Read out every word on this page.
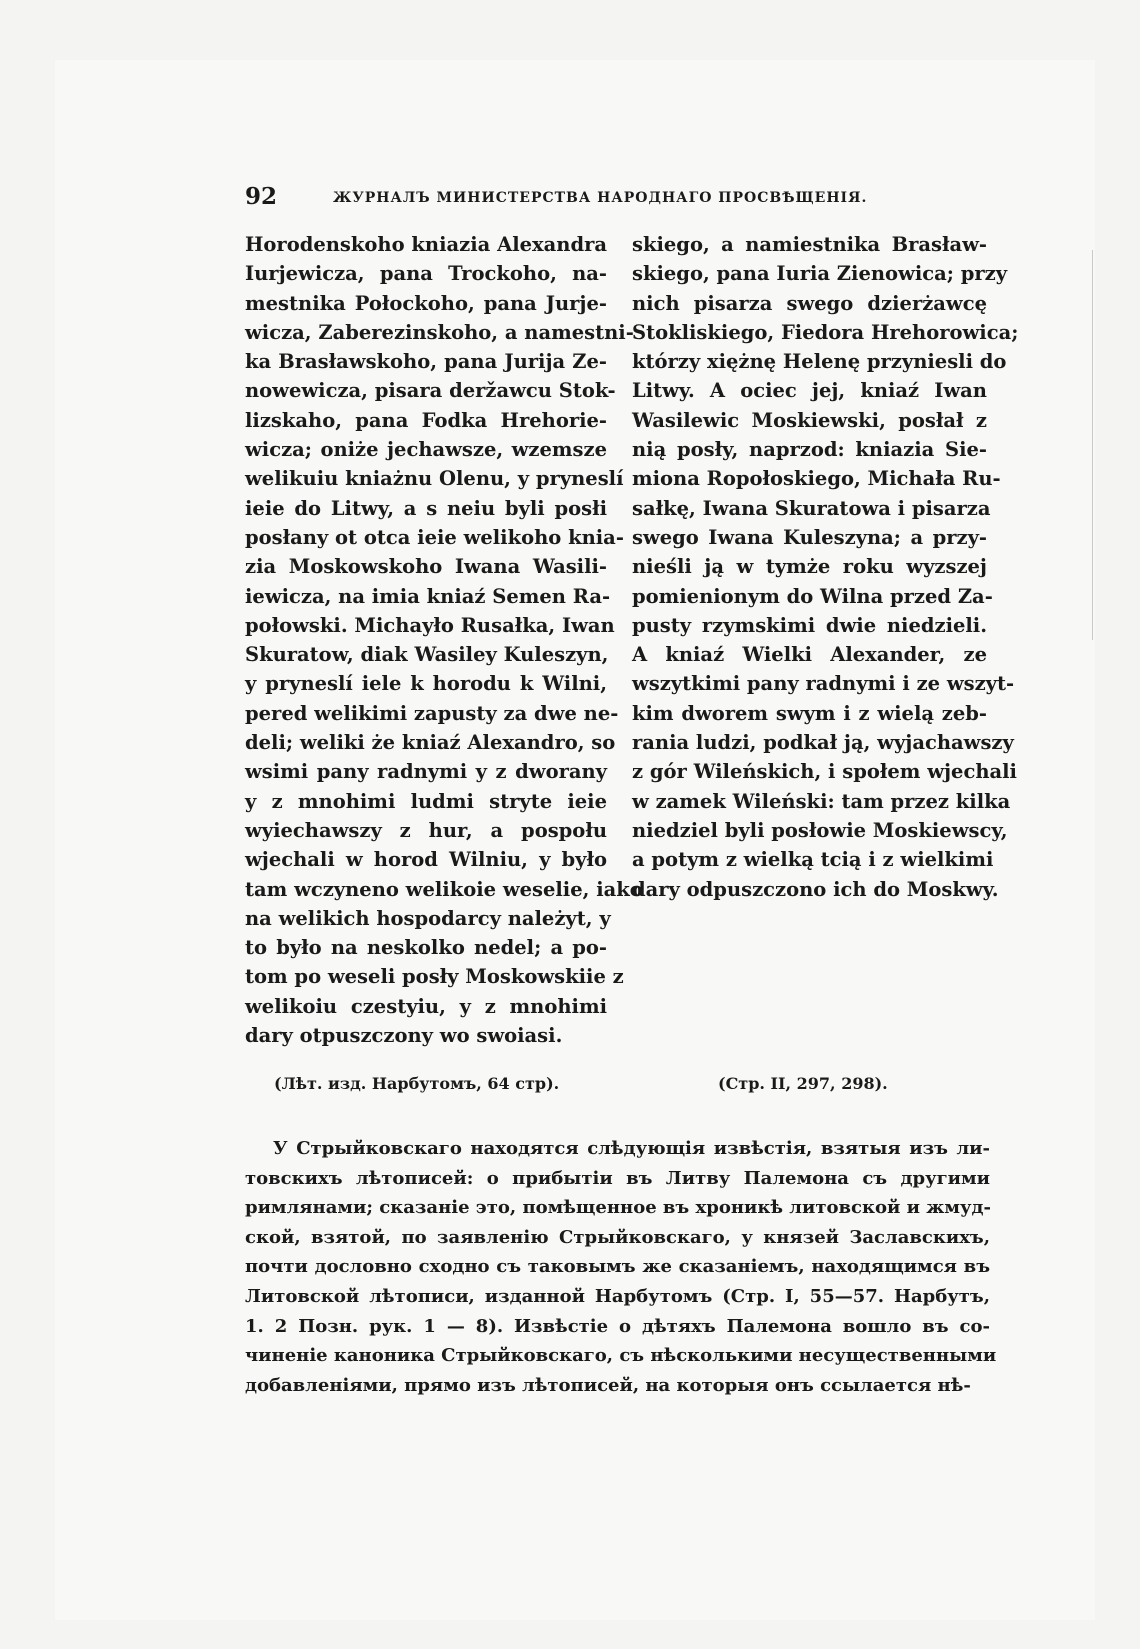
92	ЖУРНАЛЪ МИНИСТЕРСТВА НАРОДНАГО ПРОСВѢЩЕНІЯ.
Horodenskoho kniazia Alexandra
Iurjewicza, pana Trockoho, na-
mestnika Połockoho, pana Jurje-
wicza, Zaberezinskoho, a namestni-
ka Brasławskoho, pana Jurija Ze-
nowewicza, pisara deržawcu Stok-
lizskaho, pana Fodka Hrehorie-
wicza; oniże jechawsze, wzemsze
welikuiu kniażnu Olenu, y pryneslí
ieie do Litwy, a s neiu byli posłi
posłany ot otca ieie welikoho knia-
zia Moskowskoho Iwana Wasili-
iewicza, na imia kniaź Semen Ra-
połowski. Michayło Rusałka, Iwan
Skuratow, diak Wasiley Kuleszyn,
y pryneslí iele k horodu k Wilni,
pered welikimi zapusty za dwe ne-
deli; weliki że kniaź Alexandro, so
wsimi pany radnymi y z dworany
y z mnohimi ludmi stryte ieie
wyiechawszy z hur, a pospołu
wjechali w horod Wilniu, y było
tam wczyneno welikoie weselie, iako
na welikich hospodarcy należyt, y
to było na neskolko nedel; a po-
tom po weseli posły Moskowskiie z
welikoiu czestyiu, y z mnohimi
dary otpuszczony wo swoiasi.
skiego, a namiestnika Brasław-
skiego, pana Iuria Zienowica; przy
nich pisarza swego dzierżawcę
Stokliskiego, Fiedora Hrehorowica;
którzy xiężnę Helenę przyniesli do
Litwy. A ociec jej, kniaź Iwan
Wasilewic Moskiewski, posłał z
nią posły, naprzod: kniazia Sie-
miona Ropołoskiego, Michała Ru-
sałkę, Iwana Skuratowa i pisarza
swego Iwana Kuleszyna; a przy-
nieśli ją w tymże roku wyzszej
pomienionym do Wilna przed Za-
pusty rzymskimi dwie niedzieli.
A kniaź Wielki Alexander, ze
wszytkimi pany radnymi i ze wszyt-
kim dworem swym i z wielą zeb-
rania ludzi, podkał ją, wyjachawszy
z gór Wileńskich, i społem wjechali
w zamek Wileński: tam przez kilka
niedziel byli posłowie Moskiewscy,
a potym z wielką tcią i z wielkimi
dary odpuszczono ich do Moskwy.
(Лѣт. изд. Нарбутомъ, 64 стр).	(Стр. II, 297, 298).
У Стрыйковскаго находятся слѣдующія извѣстія, взятыя изъ ли-
товскихъ лѣтописей: о прибытіи въ Литву Палемона съ другими
римлянами; сказаніе это, помѣщенное въ хроникѣ литовской и жмуд-
ской, взятой, по заявленію Стрыйковскаго, у князей Заславскихъ,
почти дословно сходно съ таковымъ же сказаніемъ, находящимся въ
Литовской лѣтописи, изданной Нарбутомъ (Стр. I, 55—57. Нарбутъ,
1. 2 Позн. рук. 1 — 8). Извѣстіе о дѣтяхъ Палемона вошло въ со-
чиненіе каноника Стрыйковскаго, съ нѣсколькими несущественными
добавленіями, прямо изъ лѣтописей, на которыя онъ ссылается нѣ-
